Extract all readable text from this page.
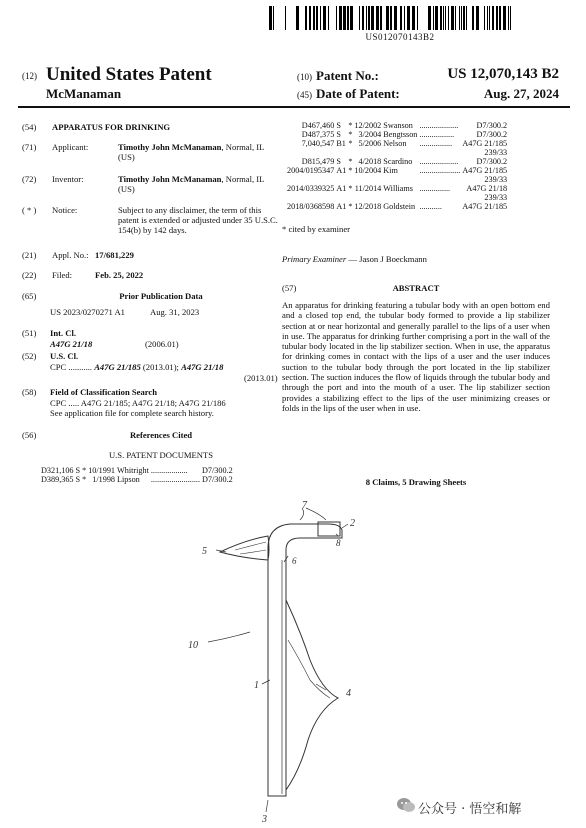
US012070143B2
(12) United States Patent
McManaman
(10) Patent No.:	US 12,070,143 B2
(45) Date of Patent:	Aug. 27, 2024
(54)	APPARATUS FOR DRINKING
(71)	Applicant:	Timothy John McManaman, Normal, IL (US)
(72)	Inventor:	Timothy John McManaman, Normal, IL (US)
( * )	Notice:	Subject to any disclaimer, the term of this patent is extended or adjusted under 35 U.S.C. 154(b) by 142 days.
(21)	Appl. No.: 17/681,229
(22)	Filed:	Feb. 25, 2022
(65)	Prior Publication Data
US 2023/0270271 A1	Aug. 31, 2023
(51)	Int. Cl.
A47G 21/18	(2006.01)
(52)	U.S. Cl.
CPC ........... A47G 21/185 (2013.01); A47G 21/18
(2013.01)
(58)	Field of Classification Search
CPC ..... A47G 21/185; A47G 21/18; A47G 21/186
See application file for complete search history.
(56)	References Cited
U.S. PATENT DOCUMENTS
D321,106	S	*	10/1991	Whitright	..................	D7/300.2
D389,365	S	*	1/1998	Lipson	........................	D7/300.2
D467,460	S	*	12/2002	Swanson	...................	D7/300.2
D487,375	S	*	3/2004	Bengtsson	.................	D7/300.2
7,040,547	B1	*	5/2006	Nelson	................	A47G 21/185
239/33						
D815,479	S	*	4/2018	Scardino	...................	D7/300.2
2004/0195347	A1	*	10/2004	Kim	....................	A47G 21/185
239/33						
2014/0339325	A1	*	11/2014	Williams	...............	A47G 21/18
239/33						
2018/0368598	A1	*	12/2018	Goldstein	...........	A47G 21/185
* cited by examiner
Primary Examiner — Jason J Boeckmann
(57)	ABSTRACT
An apparatus for drinking featuring a tubular body with an open bottom end and a closed top end, the tubular body formed to provide a lip stabilizer section at or near horizontal and generally parallel to the lips of a user when in use. The apparatus for drinking further comprising a port in the wall of the tubular body located in the lip stabilizer section. When in use, the apparatus for drinking comes in contact with the lips of a user and the user induces suction to the tubular body through the port located in the lip stabilizer section. The suction induces the flow of liquids through the tubular body and through the port and into the mouth of a user. The lip stabilizer section provides a stabilizing effect to the lips of the user minimizing creases or folds in the lips of the user when in use.
8 Claims, 5 Drawing Sheets
7
2
8
5
6
10
1
4
3
公众号 · 悟空和解
